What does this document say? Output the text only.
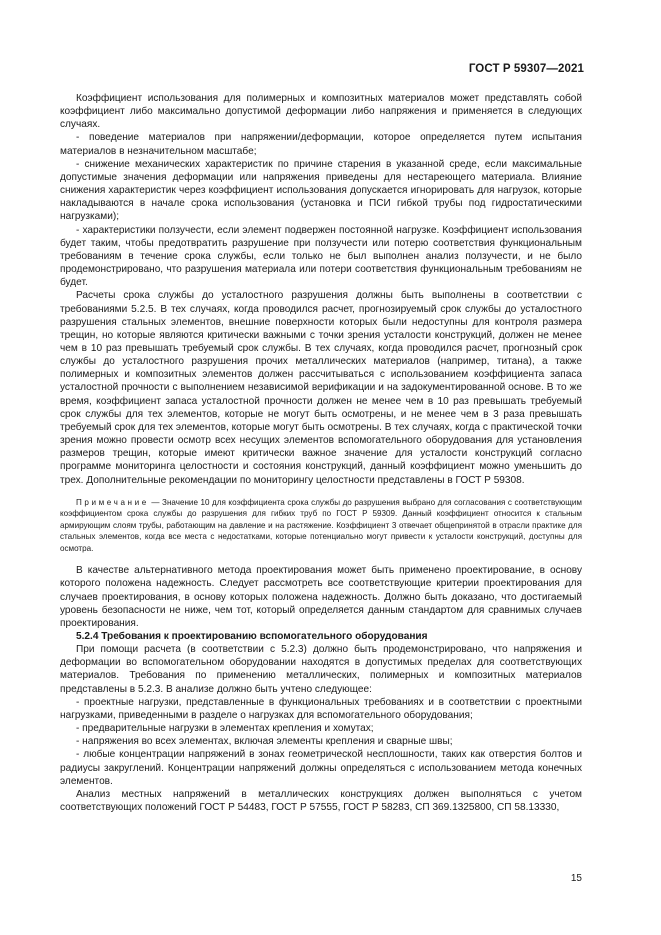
ГОСТ Р 59307—2021

Коэффициент использования для полимерных и композитных материалов может представлять собой коэффициент либо максимально допустимой деформации либо напряжения и применяется в следующих случаях.

- поведение материалов при напряжении/деформации, которое определяется путем испытания материалов в незначительном масштабе;

- снижение механических характеристик по причине старения в указанной среде, если максимальные допустимые значения деформации или напряжения приведены для нестареющего материала. Влияние снижения характеристик через коэффициент использования допускается игнорировать для нагрузок, которые накладываются в начале срока использования (установка и ПСИ гибкой трубы под гидростатическими нагрузками);

- характеристики ползучести, если элемент подвержен постоянной нагрузке. Коэффициент использования будет таким, чтобы предотвратить разрушение при ползучести или потерю соответствия функциональным требованиям в течение срока службы, если только не был выполнен анализ ползучести, и не было продемонстрировано, что разрушения материала или потери соответствия функциональным требованиям не будет.

Расчеты срока службы до усталостного разрушения должны быть выполнены в соответствии с требованиями 5.2.5. В тех случаях, когда проводился расчет, прогнозируемый срок службы до усталостного разрушения стальных элементов, внешние поверхности которых были недоступны для контроля размера трещин, но которые являются критически важными с точки зрения усталости конструкций, должен не менее чем в 10 раз превышать требуемый срок службы. В тех случаях, когда проводился расчет, прогнозный срок службы до усталостного разрушения прочих металлических материалов (например, титана), а также полимерных и композитных элементов должен рассчитываться с использованием коэффициента запаса усталостной прочности с выполнением независимой верификации и на задокументированной основе. В то же время, коэффициент запаса усталостной прочности должен не менее чем в 10 раз превышать требуемый срок службы для тех элементов, которые не могут быть осмотрены, и не менее чем в 3 раза превышать требуемый срок для тех элементов, которые могут быть осмотрены. В тех случаях, когда с практической точки зрения можно провести осмотр всех несущих элементов вспомогательного оборудования для установления размеров трещин, которые имеют критически важное значение для усталости конструкций согласно программе мониторинга целостности и состояния конструкций, данный коэффициент можно уменьшить до трех. Дополнительные рекомендации по мониторингу целостности представлены в ГОСТ Р 59308.

Примечание — Значение 10 для коэффициента срока службы до разрушения выбрано для согласования с соответствующим коэффициентом срока службы до разрушения для гибких труб по ГОСТ Р 59309. Данный коэффициент относится к стальным армирующим слоям трубы, работающим на давление и на растяжение. Коэффициент 3 отвечает общепринятой в отрасли практике для стальных элементов, когда все места с недостатками, которые потенциально могут привести к усталости конструкций, доступны для осмотра.

В качестве альтернативного метода проектирования может быть применено проектирование, в основу которого положена надежность. Следует рассмотреть все соответствующие критерии проектирования для случаев проектирования, в основу которых положена надежность. Должно быть доказано, что достигаемый уровень безопасности не ниже, чем тот, который определяется данным стандартом для сравнимых случаев проектирования.

5.2.4 Требования к проектированию вспомогательного оборудования

При помощи расчета (в соответствии с 5.2.3) должно быть продемонстрировано, что напряжения и деформации во вспомогательном оборудовании находятся в допустимых пределах для соответствующих материалов. Требования по применению металлических, полимерных и композитных материалов представлены в 5.2.3. В анализе должно быть учтено следующее:

- проектные нагрузки, представленные в функциональных требованиях и в соответствии с проектными нагрузками, приведенными в разделе о нагрузках для вспомогательного оборудования;

- предварительные нагрузки в элементах крепления и хомутах;

- напряжения во всех элементах, включая элементы крепления и сварные швы;

- любые концентрации напряжений в зонах геометрической несплошности, таких как отверстия болтов и радиусы закруглений. Концентрации напряжений должны определяться с использованием метода конечных элементов.

Анализ местных напряжений в металлических конструкциях должен выполняться с учетом соответствующих положений ГОСТ Р 54483, ГОСТ Р 57555, ГОСТ Р 58283, СП 369.1325800, СП 58.13330,

15
